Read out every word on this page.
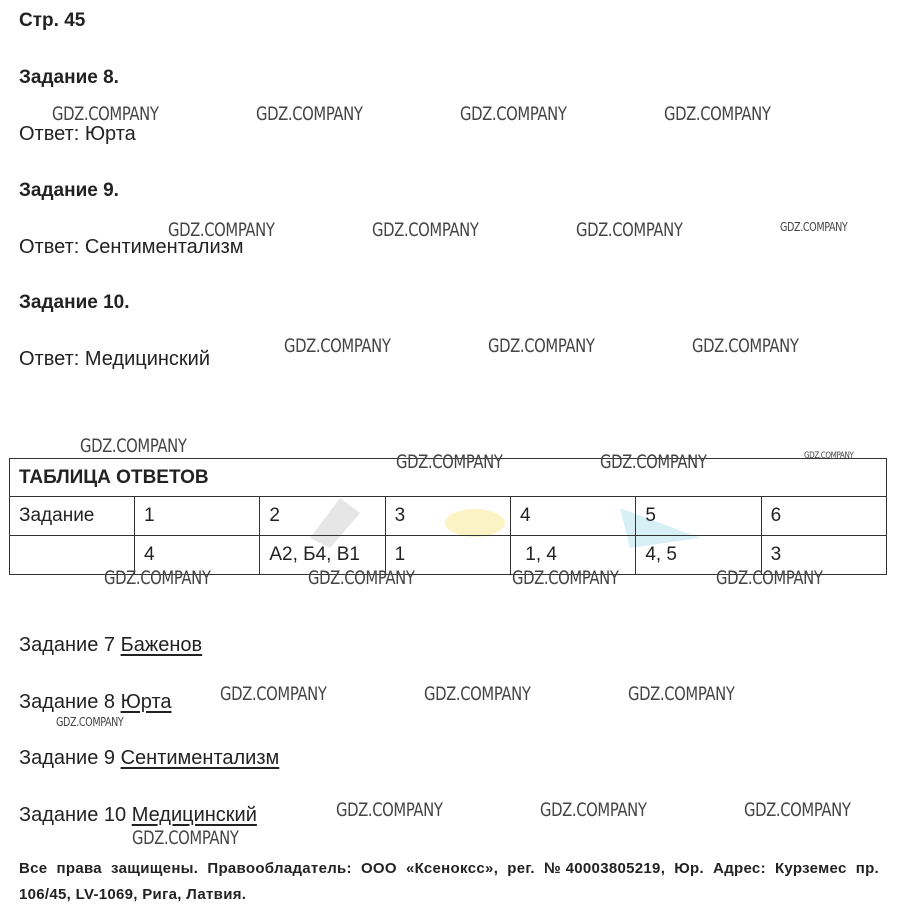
Стр. 45
Задание 8.
Ответ: Юрта
Задание 9.
Ответ: Сентиментализм
Задание 10.
Ответ: Медицинский
ТАБЛИЦА ОТВЕТОВ						
Задание	1	2	3	4	5	6
	4	А2, Б4, В1	1	1, 4	4, 5	3
Задание 7 Баженов
Задание 8 Юрта
Задание 9 Сентиментализм
Задание 10 Медицинский
Все права защищены. Правообладатель: ООО «Ксенокcс», рег. №40003805219, Юр. Адрес: Курземес пр. 106/45, LV-1069, Рига, Латвия.
GDZ.COMPANY	GDZ.COMPANY	GDZ.COMPANY	GDZ.COMPANY
GDZ.COMPANY	GDZ.COMPANY	GDZ.COMPANY	GDZ.COMPANY
GDZ.COMPANY	GDZ.COMPANY	GDZ.COMPANY
GDZ.COMPANY
GDZ.COMPANY	GDZ.COMPANY	GDZ.COMPANY
GDZ.COMPANY	GDZ.COMPANY	GDZ.COMPANY	GDZ.COMPANY
GDZ.COMPANY	GDZ.COMPANY	GDZ.COMPANY
GDZ.COMPANY
GDZ.COMPANY	GDZ.COMPANY	GDZ.COMPANY
GDZ.COMPANY
